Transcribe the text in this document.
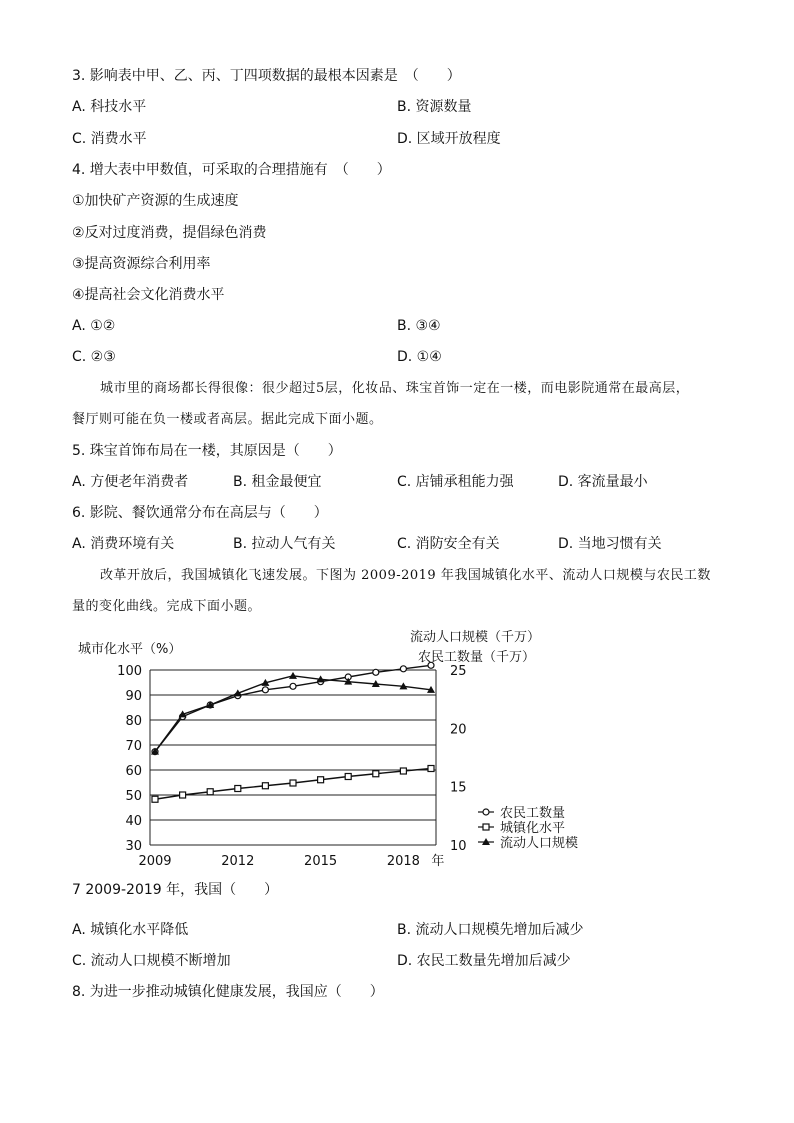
3. 影响表中甲、乙、丙、丁四项数据的最根本因素是　（　　）
A. 科技水平	B. 资源数量
C. 消费水平	D. 区域开放程度
4. 增大表中甲数值，可采取的合理措施有　（　　）
①加快矿产资源的生成速度
②反对过度消费，提倡绿色消费
③提高资源综合利用率
④提高社会文化消费水平
A. ①②	B. ③④
C. ②③	D. ①④
城市里的商场都长得很像：很少超过5层，化妆品、珠宝首饰一定在一楼，而电影院通常在最高层，
餐厅则可能在负一楼或者高层。据此完成下面小题。
5. 珠宝首饰布局在一楼，其原因是（　　）
A. 方便老年消费者	B. 租金最便宜	C. 店铺承租能力强	D. 客流量最小
6. 影院、餐饮通常分布在高层与（　　）
A. 消费环境有关	B. 拉动人气有关	C. 消防安全有关	D. 当地习惯有关
改革开放后，我国城镇化飞速发展。下图为 2009-2019 年我国城镇化水平、流动人口规模与农民工数
量的变化曲线。完成下面小题。
100
90
80
70
60
50
40
30
25
20
15
10
2009	2012	2015	2018 年
城市化水平（%）
流动人口规模（千万）
农民工数量（千万）
农民工数量
城镇化水平
流动人口规模
7 2009-2019 年，我国（　　）
A. 城镇化水平降低	B. 流动人口规模先增加后减少
C. 流动人口规模不断增加	D. 农民工数量先增加后减少
8. 为进一步推动城镇化健康发展，我国应（　　）
